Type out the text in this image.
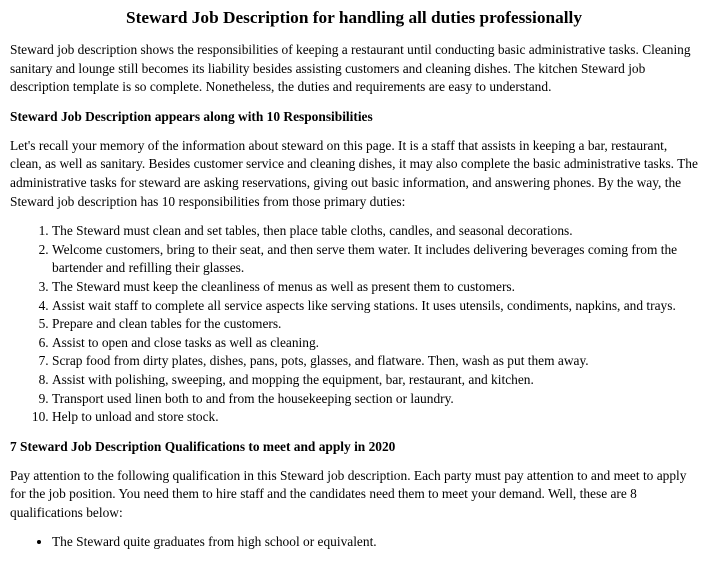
Steward Job Description for handling all duties professionally

Steward job description shows the responsibilities of keeping a restaurant until conducting basic administrative tasks. Cleaning sanitary and lounge still becomes its liability besides assisting customers and cleaning dishes. The kitchen Steward job description template is so complete. Nonetheless, the duties and requirements are easy to understand.

Steward Job Description appears along with 10 Responsibilities

Let's recall your memory of the information about steward on this page. It is a staff that assists in keeping a bar, restaurant, clean, as well as sanitary. Besides customer service and cleaning dishes, it may also complete the basic administrative tasks. The administrative tasks for steward are asking reservations, giving out basic information, and answering phones. By the way, the Steward job description has 10 responsibilities from those primary duties:

1. The Steward must clean and set tables, then place table cloths, candles, and seasonal decorations.
2. Welcome customers, bring to their seat, and then serve them water. It includes delivering beverages coming from the bartender and refilling their glasses.
3. The Steward must keep the cleanliness of menus as well as present them to customers.
4. Assist wait staff to complete all service aspects like serving stations. It uses utensils, condiments, napkins, and trays.
5. Prepare and clean tables for the customers.
6. Assist to open and close tasks as well as cleaning.
7. Scrap food from dirty plates, dishes, pans, pots, glasses, and flatware. Then, wash as put them away.
8. Assist with polishing, sweeping, and mopping the equipment, bar, restaurant, and kitchen.
9. Transport used linen both to and from the housekeeping section or laundry.
10. Help to unload and store stock.
7 Steward Job Description Qualifications to meet and apply in 2020

Pay attention to the following qualification in this Steward job description. Each party must pay attention to and meet to apply for the job position. You need them to hire staff and the candidates need them to meet your demand. Well, these are 8 qualifications below:

• The Steward quite graduates from high school or equivalent.
